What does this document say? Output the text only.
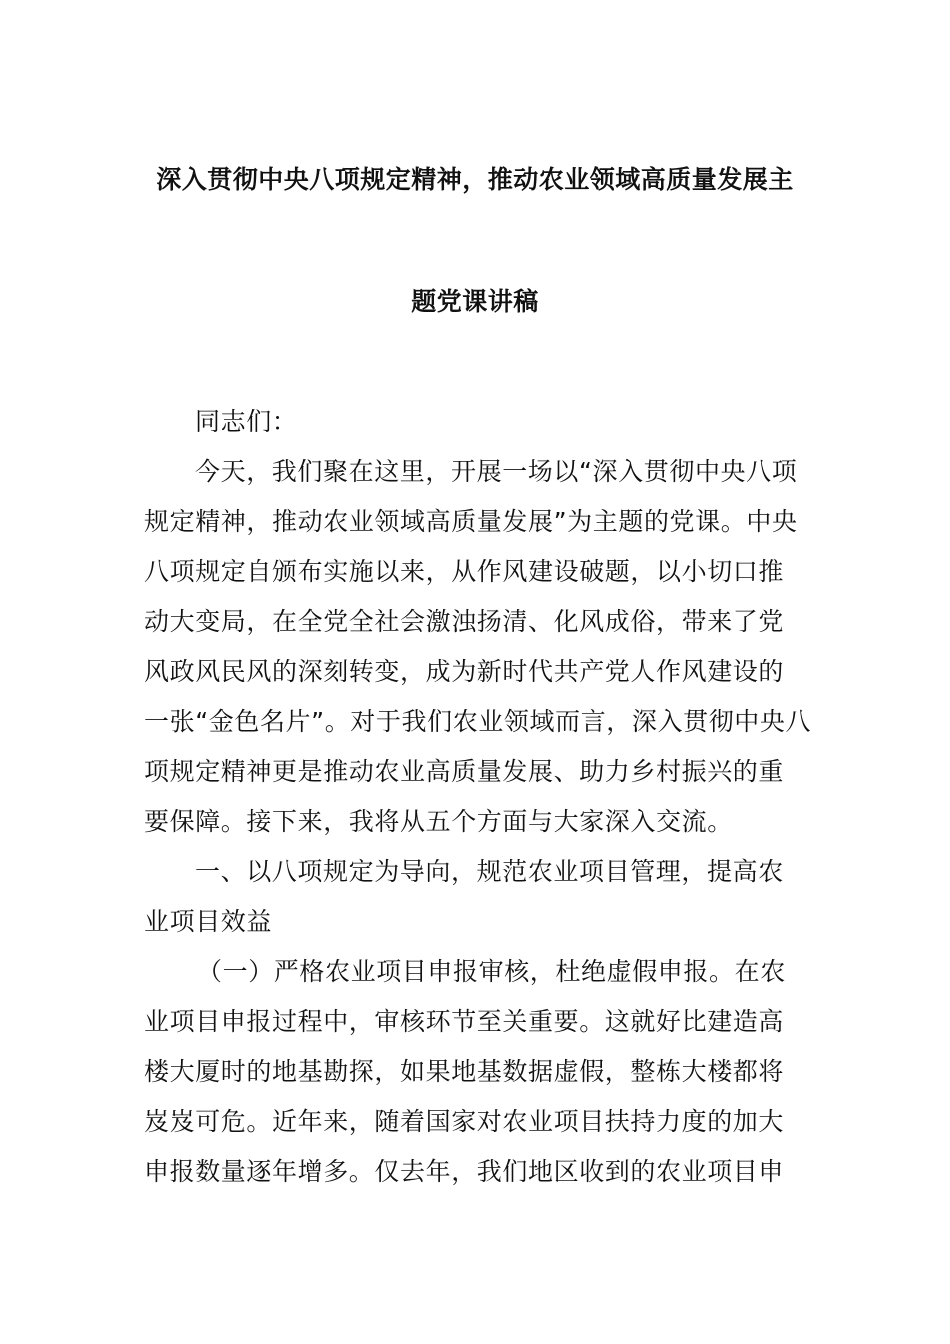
深入贯彻中央八项规定精神，推动农业领域高质量发展主
题党课讲稿
同志们：
今天，我们聚在这里，开展一场以“深入贯彻中央八项
规定精神，推动农业领域高质量发展”为主题的党课。中央
八项规定自颁布实施以来，从作风建设破题，以小切口推
动大变局，在全党全社会激浊扬清、化风成俗，带来了党
风政风民风的深刻转变，成为新时代共产党人作风建设的
一张“金色名片”。对于我们农业领域而言，深入贯彻中央八
项规定精神更是推动农业高质量发展、助力乡村振兴的重
要保障。接下来，我将从五个方面与大家深入交流。
一、以八项规定为导向，规范农业项目管理，提高农
业项目效益
（一）严格农业项目申报审核，杜绝虚假申报。在农
业项目申报过程中，审核环节至关重要。这就好比建造高
楼大厦时的地基勘探，如果地基数据虚假，整栋大楼都将
岌岌可危。近年来，随着国家对农业项目扶持力度的加大
申报数量逐年增多。仅去年，我们地区收到的农业项目申
